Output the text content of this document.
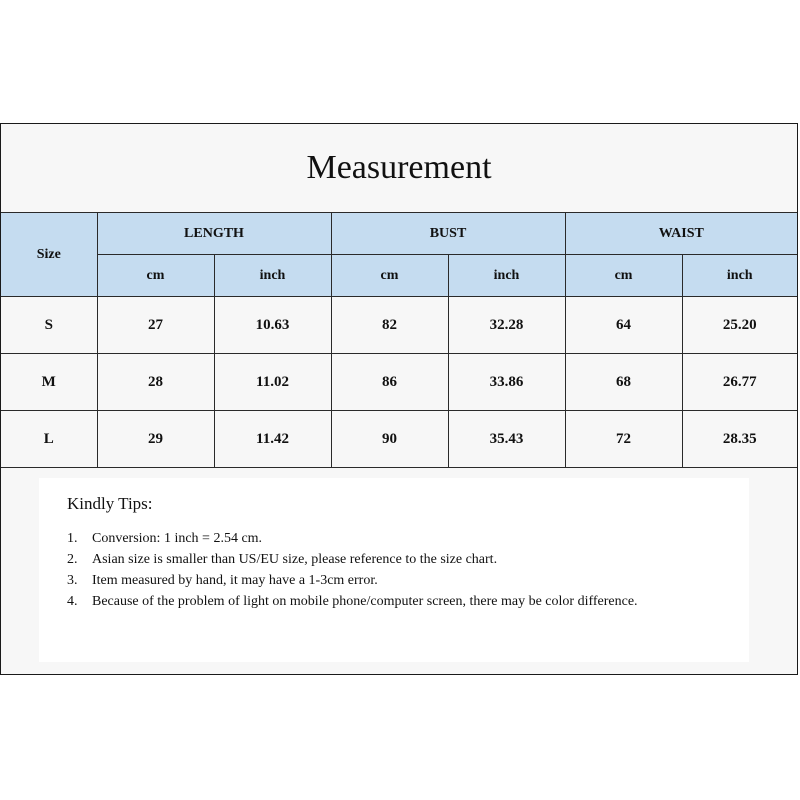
Measurement
Size	LENGTH		BUST		WAIST	
	cm	inch	cm	inch	cm	inch
S	27	10.63	82	32.28	64	25.20
M	28	11.02	86	33.86	68	26.77
L	29	11.42	90	35.43	72	28.35
Kindly Tips:
1.	Conversion: 1 inch = 2.54 cm.
2.	Asian size is smaller than US/EU size, please reference to the size chart.
3.	Item measured by hand, it may have a 1-3cm error.
4.	Because of the problem of light on mobile phone/computer screen, there may be color difference.
